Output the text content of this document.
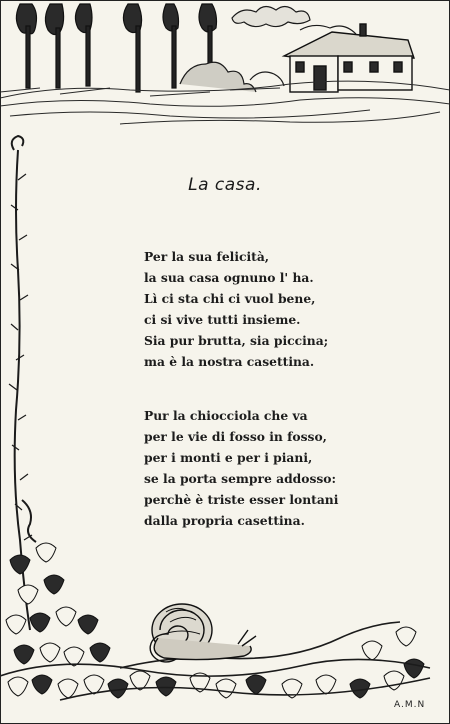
La casa.
Per la sua felicità,
la sua casa ognuno l' ha.
Lì ci sta chi ci vuol bene,
ci si vive tutti insieme.
Sia pur brutta, sia piccina;
ma è la nostra casettina.
Pur la chiocciola che va
per le vie di fosso in fosso,
per i monti e per i piani,
se la porta sempre addosso:
perchè è triste esser lontani
dalla propria casettina.
A.M.N
